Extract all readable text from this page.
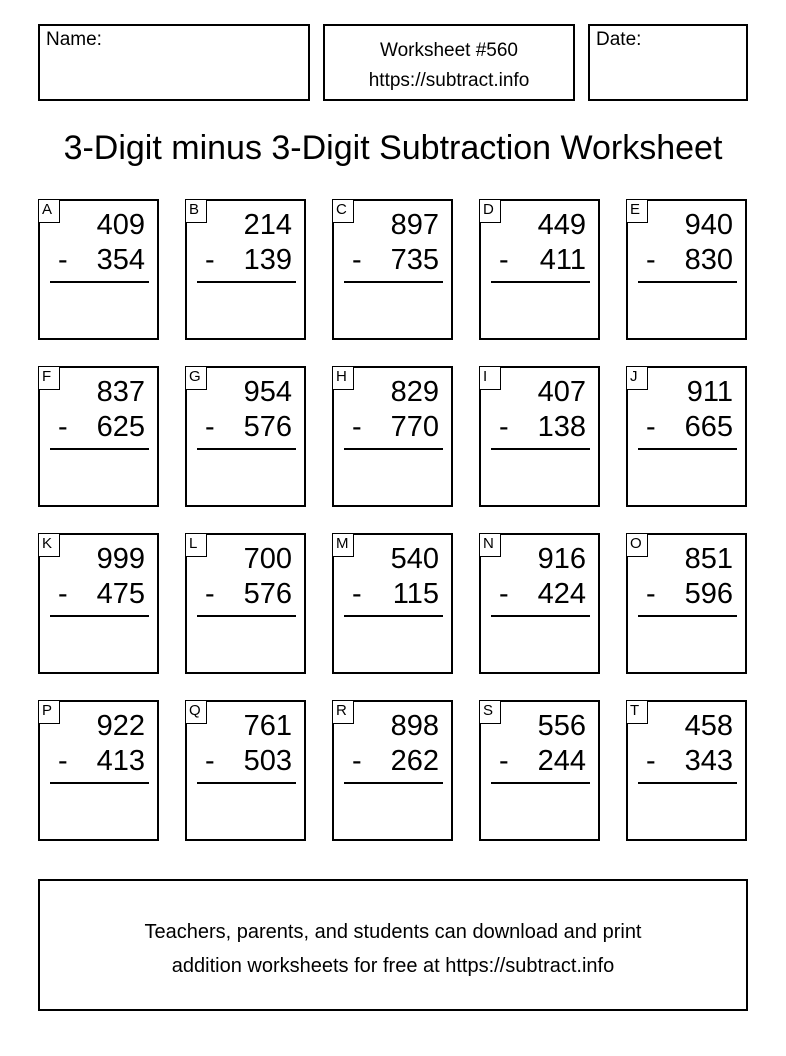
Name:
Worksheet #560
https://subtract.info
Date:
3-Digit minus 3-Digit Subtraction Worksheet
A 409
- 354
B 214
- 139
C 897
- 735
D 449
- 411
E 940
- 830
F	837
- 625
G 954
- 576
H 829
- 770
I	407
- 138
J	911
- 665
K 999
- 475
L	700
- 576
M 540
- 115
N 916
- 424
O 851
- 596
P 922
- 413
Q 761
- 503
R 898
- 262
S 556
- 244
T	458
- 343
Teachers, parents, and students can download and print
addition worksheets for free at https://subtract.info
